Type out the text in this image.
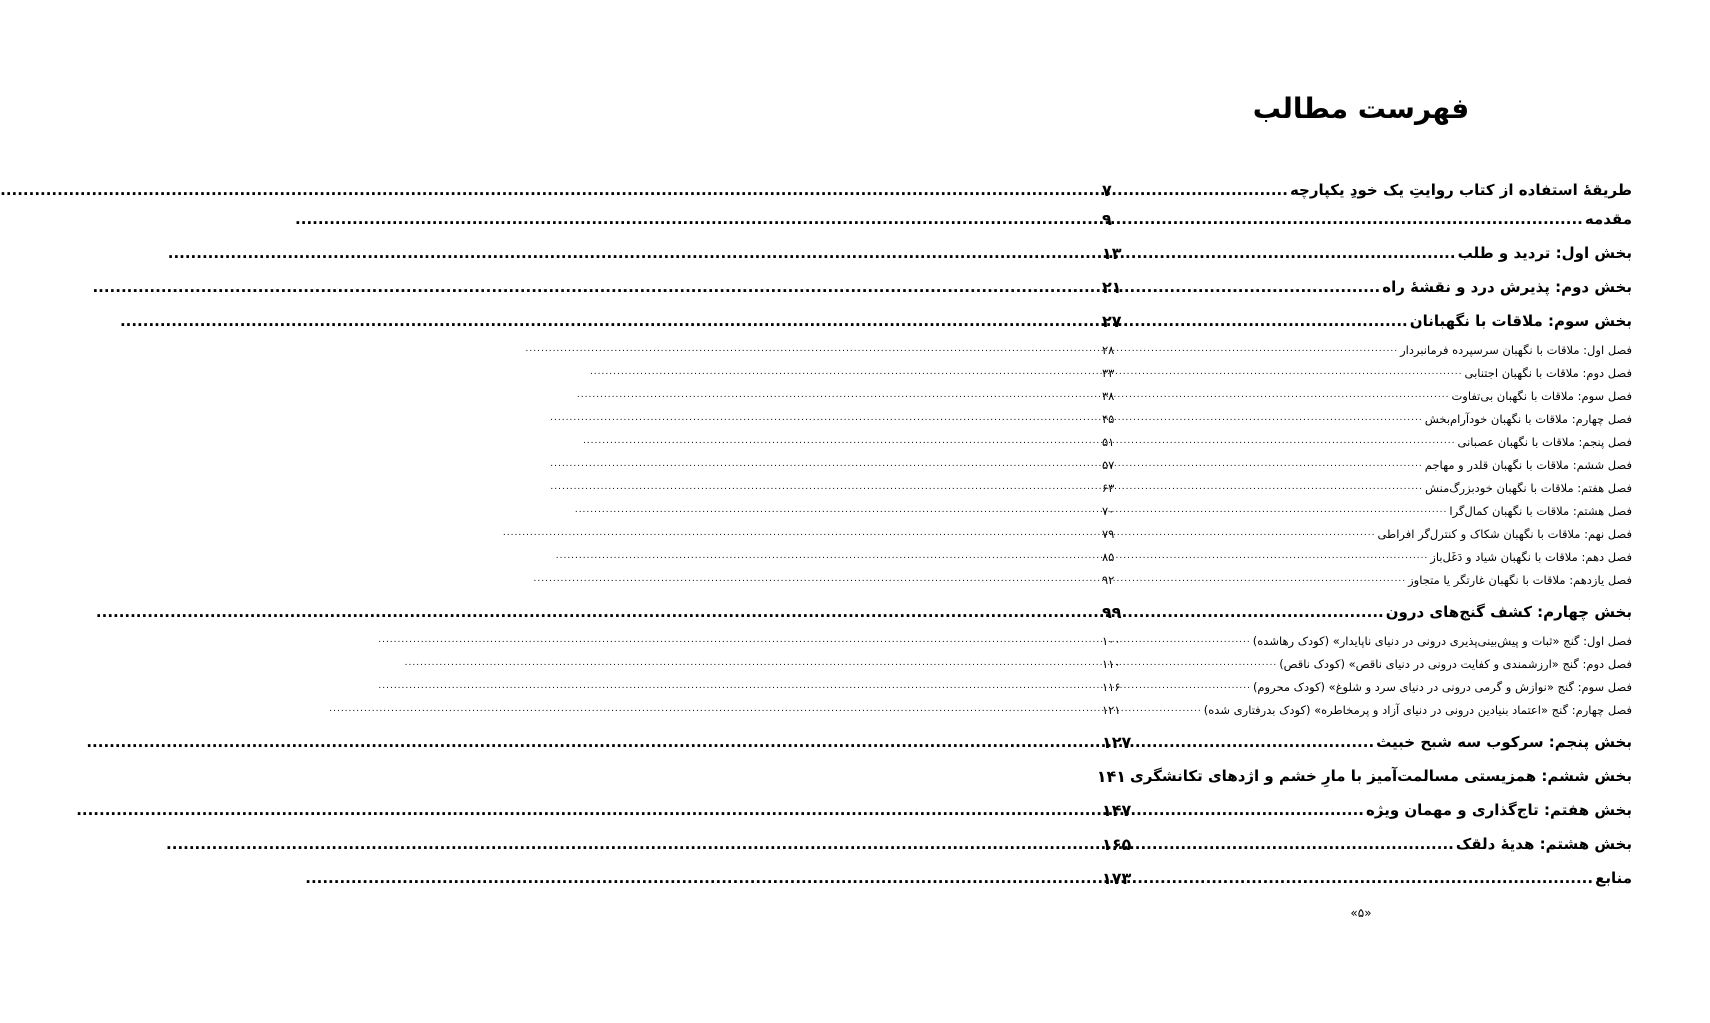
فهرست مطالب
طریقۀ استفاده از کتاب روایتِ یک خودِ یکپارچه
.....
۷
مقدمه
.....
۹
بخش اول: تردید و طلب
.....
۱۳
بخش دوم: پذیرش درد و نقشۀ راه
.....
۲۱
بخش سوم: ملاقات با نگهبانان
.....
۲۷
فصل اول: ملاقات با نگهبان سرسپرده فرمانبردار
.....
۲۸
فصل دوم: ملاقات با نگهبان اجتنابی
.....
۳۳
فصل سوم: ملاقات با نگهبان بی‌تفاوت
.....
۳۸
فصل چهارم: ملاقات با نگهبان خودآرام‌بخش
.....
۴۵
فصل پنجم: ملاقات با نگهبان عصبانی
.....
۵۱
فصل ششم: ملاقات با نگهبان قلدر و مهاجم
.....
۵۷
فصل هفتم: ملاقات با نگهبان خودبزرگ‌منش
.....
۶۳
فصل هشتم: ملاقات با نگهبان کمال‌گرا
.....
۷۰
فصل نهم: ملاقات با نگهبان شکاک و کنترل‌گر افراطی
.....
۷۹
فصل دهم: ملاقات با نگهبان شیاد و دَغَل‌باز
.....
۸۵
فصل یازدهم: ملاقات با نگهبان غارتگر یا متجاوز
.....
۹۲
بخش چهارم: کشف گنج‌های درون
.....
۹۹
فصل اول: گنج «ثبات و پیش‌بینی‌پذیری درونی در دنیای ناپایدار» (کودک رهاشده)
.....
۱۰۰
فصل دوم: گنج «ارزشمندی و کفایت درونی در دنیای ناقص» (کودک ناقص)
.....
۱۱۰
فصل سوم: گنج «نوازش و گرمی درونی در دنیای سرد و شلوغ» (کودک محروم)
.....
۱۱۶
فصل چهارم: گنج «اعتماد بنیادین درونی در دنیای آزاد و پرمخاطره» (کودک بدرفتاری شده)
.....
۱۲۱
بخش پنجم: سرکوب سه شبح خبیث
.....
۱۲۷
بخش ششم: همزیستی مسالمت‌آمیز با مارِ خشم و اژدهای تکانشگری
۱۴۱
بخش هفتم: تاج‌گذاری و مهمان ویژه
.....
۱۴۷
بخش هشتم: هدیۀ دلقک
.....
۱۶۵
منابع
.....
۱۷۳
«۵»
